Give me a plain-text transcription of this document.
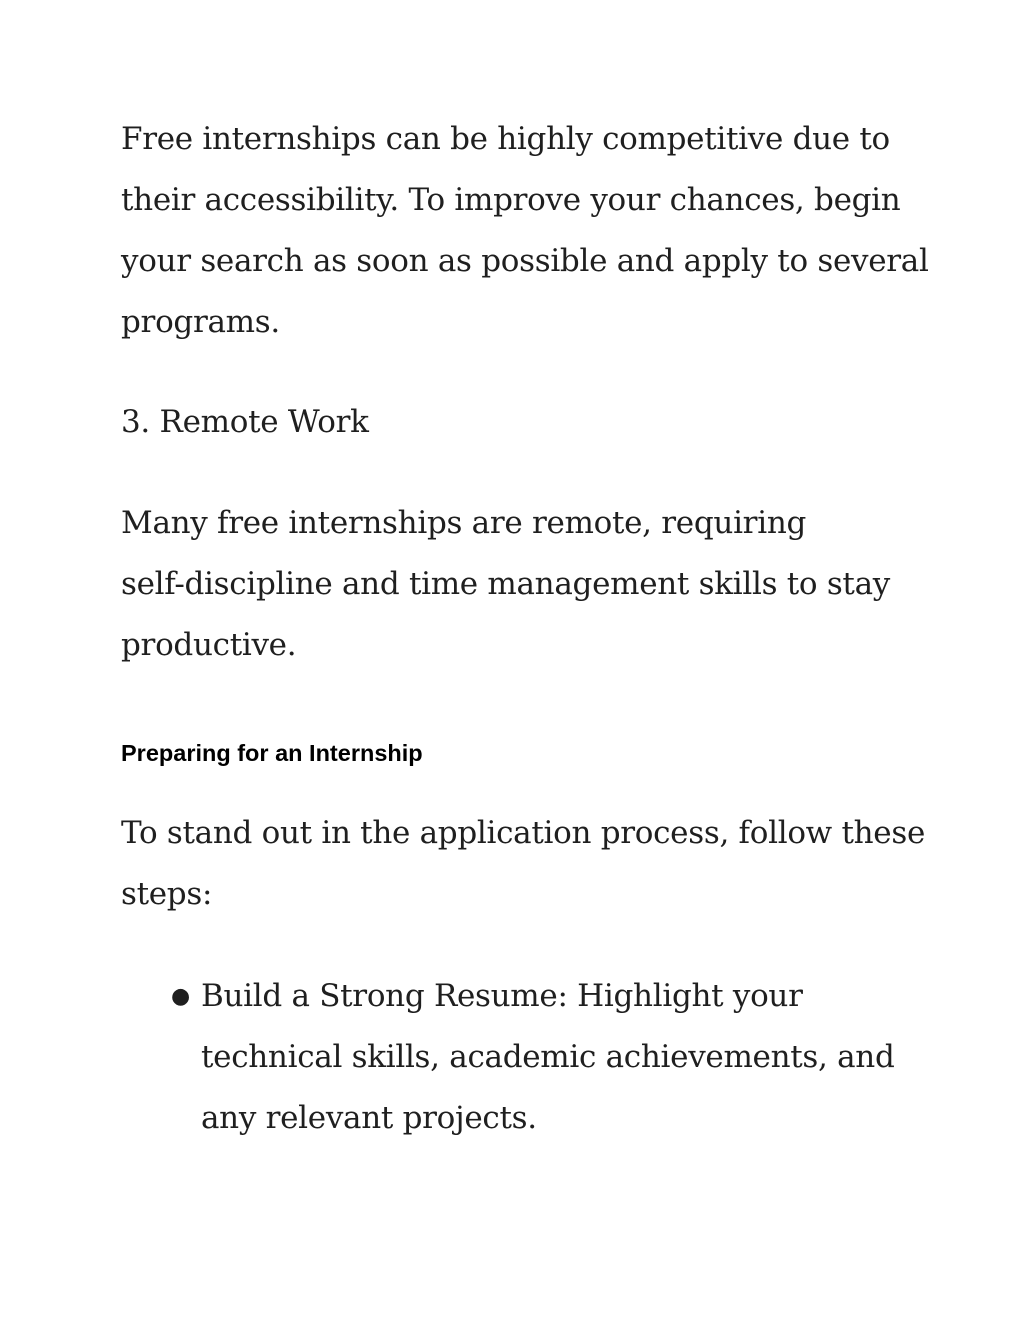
Free internships can be highly competitive due to
their accessibility. To improve your chances, begin
your search as soon as possible and apply to several
programs.

3. Remote Work

Many free internships are remote, requiring
self-discipline and time management skills to stay
productive.

Preparing for an Internship

To stand out in the application process, follow these
steps:

● Build a Strong Resume: Highlight your
technical skills, academic achievements, and
any relevant projects.
